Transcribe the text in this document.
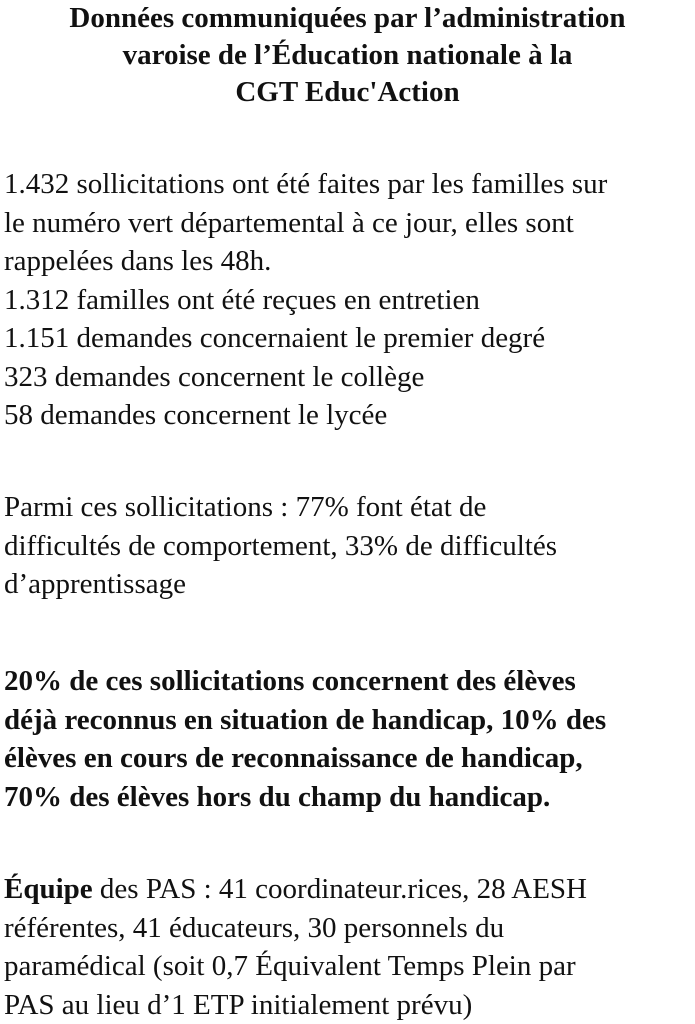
Données communiquées par l’administration
varoise de l’Éducation nationale à la
CGT Educ'Action
1.432 sollicitations ont été faites par les familles sur
le numéro vert départemental à ce jour, elles sont
rappelées dans les 48h.
1.312 familles ont été reçues en entretien
1.151 demandes concernaient le premier degré
323 demandes concernent le collège
58 demandes concernent le lycée
Parmi ces sollicitations : 77% font état de
difficultés de comportement, 33% de difficultés
d’apprentissage
20% de ces sollicitations concernent des élèves
déjà reconnus en situation de handicap, 10% des
élèves en cours de reconnaissance de handicap,
70% des élèves hors du champ du handicap.
Équipe des PAS : 41 coordinateur.rices, 28 AESH
référentes, 41 éducateurs, 30 personnels du
paramédical (soit 0,7 Équivalent Temps Plein par
PAS au lieu d’1 ETP initialement prévu)
